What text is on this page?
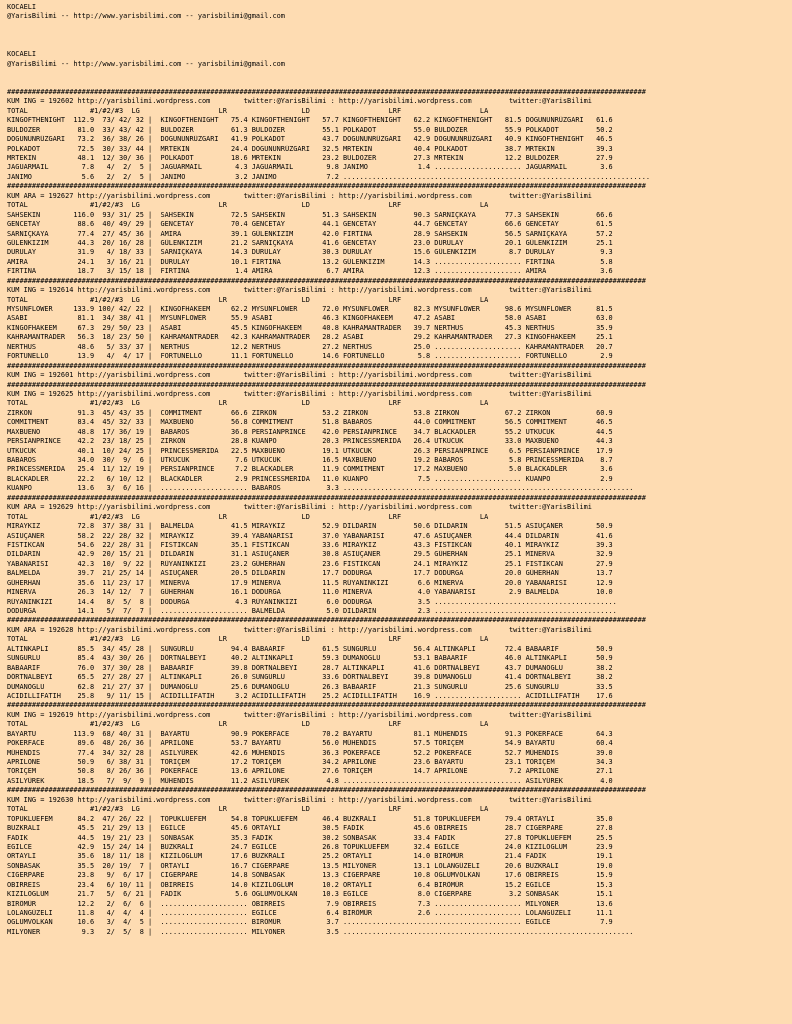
KOCAELI
@YarisBilimi -- http://www.yarisbilimi.com -- yarisbilimi@gmail.com
KOCAELI
@YarisBilimi -- http://www.yarisbilimi.com -- yarisbilimi@gmail.com
##########################################################################################################################################################
KUM ING = 192602 http://yarisbilimi.wordpress.com        twitter:@YarisBilimi : http://yarisbilimi.wordpress.com         twitter:@YarisBilimi
TOTAL               #1/#2/#3  LG                   LR                  LD                   LRF                   LA
KINGOFTHENIGHT  112.9  73/ 42/ 32 |  KINGOFTHENIGHT   75.4 KINGOFTHENIGHT   57.7 KINGOFTHENIGHT   62.2 KINGOFTHENIGHT   81.5 DOGUNUNRÜZGARI   61.6
BULDOZER         81.0  33/ 43/ 42 |  BULDOZER         61.3 BULDOZER         55.1 POLKADOT         55.0 BULDOZER         55.9 POLKADOT         50.2
DOGUNUNRÜZGARI   73.2  36/ 38/ 26 |  DOGUNUNRÜZGARI   41.9 POLKADOT         43.7 DOGUNUNRÜZGARI   42.9 DOGUNUNRÜZGARI   40.9 KINGOFTHENIGHT   46.5
POLKADOT         72.5  30/ 33/ 44 |  MRTEKIN          24.4 DOGUNUNRÜZGARI   32.5 MRTEKIN          40.4 POLKADOT         38.7 MRTEKIN          39.3
MRTEKIN          48.1  12/ 30/ 36 |  POLKADOT         18.6 MRTEKIN          23.2 BULDOZER         27.3 MRTEKIN          12.2 BULDOZER         27.9
JAGUARMAIL        7.8   4/  2/  5 |  JAGUARMAIL        4.3 JAGUARMAIL        9.8 JANIMO            1.4 ..................... JAGUARMAIL        3.6
JANIMO            5.6   2/  2/  5 |  JANIMO            3.2 JANIMO            7.2 ..........................................................................
##########################################################################################################################################################
KUM ARA = 192627 http://yarisbilimi.wordpress.com        twitter:@YarisBilimi : http://yarisbilimi.wordpress.com         twitter:@YarisBilimi
TOTAL               #1/#2/#3  LG                   LR                  LD                   LRF                   LA
SAHSEKIN        116.0  93/ 31/ 25 |  SAHSEKIN         72.5 SAHSEKIN         51.3 SAHSEKIN         90.3 SARNIÇKAYA       77.3 SAHSEKIN         66.6
GENCETAY         88.6  40/ 49/ 29 |  GENCETAY         70.4 GENCETAY         44.1 GENCETAY         44.7 GENCETAY         66.6 GENCETAY         61.5
SARNIÇKAYA       77.4  27/ 45/ 36 |  AMIRA            39.1 GÜLENKIZIM       42.0 FIRTINA          28.9 SAHSEKIN         56.5 SARNIÇKAYA       57.2
GÜLENKIZIM       44.3  20/ 16/ 28 |  GÜLENKIZIM       21.2 SARNIÇKAYA       41.6 GENCETAY         23.0 DURULAY          20.1 GÜLENKIZIM       25.1
DURULAY          31.9   4/ 18/ 33 |  SARNIÇKAYA       14.3 DURULAY          30.3 DURULAY          15.6 GÜLENKIZIM        8.7 DURULAY           9.3
AMIRA            24.1   3/ 16/ 21 |  DURULAY          10.1 FIRTINA          13.2 GÜLENKIZIM       14.3 ..................... FIRTINA           5.8
FIRTINA          18.7   3/ 15/ 18 |  FIRTINA           1.4 AMIRA             6.7 AMIRA            12.3 ..................... AMIRA             3.6
##########################################################################################################################################################
KUM ING = 192614 http://yarisbilimi.wordpress.com        twitter:@YarisBilimi : http://yarisbilimi.wordpress.com         twitter:@YarisBilimi
TOTAL               #1/#2/#3  LG                   LR                  LD                   LRF                   LA
MYSUNFLOWER     133.9 100/ 42/ 22 |  KINGOFHAKEEM     62.2 MYSUNFLOWER      72.0 MYSUNFLOWER      82.3 MYSUNFLOWER      98.6 MYSUNFLOWER      81.5
ASABI            81.1  34/ 38/ 41 |  MYSUNFLOWER      55.9 ASABI            46.3 KINGOFHAKEEM     47.2 ASABI            58.0 ASABI            63.0
KINGOFHAKEEM     67.3  29/ 50/ 23 |  ASABI            45.5 KINGOFHAKEEM     40.8 KAHRAMANTRADER   39.7 NERTHUS          45.3 NERTHUS          35.9
KAHRAMANTRADER   56.3  18/ 23/ 50 |  KAHRAMANTRADER   42.3 KAHRAMANTRADER   28.2 ASABI            29.2 KAHRAMANTRADER   27.3 KINGOFHAKEEM     25.1
NERTHUS          48.6   5/ 33/ 37 |  NERTHUS          12.2 NERTHUS          27.2 NERTHUS          25.0 ..................... KAHRAMANTRADER   20.7
FORTUNELLO       13.9   4/  4/ 17 |  FORTUNELLO       11.1 FORTUNELLO       14.6 FORTUNELLO        5.8 ..................... FORTUNELLO        2.9
##########################################################################################################################################################
KUM ING = 192601 http://yarisbilimi.wordpress.com        twitter:@YarisBilimi : http://yarisbilimi.wordpress.com         twitter:@YarisBilimi
##########################################################################################################################################################
KUM ING = 192625 http://yarisbilimi.wordpress.com        twitter:@YarisBilimi : http://yarisbilimi.wordpress.com         twitter:@YarisBilimi
TOTAL               #1/#2/#3  LG                   LR                  LD                   LRF                   LA
ZIRKON           91.3  45/ 43/ 35 |  COMMITMENT       66.6 ZIRKON           53.2 ZIRKON           53.8 ZIRKON           67.2 ZIRKON           60.9
COMMITMENT       83.4  45/ 32/ 33 |  MAXBUENO         56.8 COMMITMENT       51.8 BABAROS          44.0 COMMITMENT       56.5 COMMITMENT       46.5
MAXBUENO         48.8  17/ 36/ 19 |  BABAROS          36.8 PERSIANPRINCE    42.0 PERSIANPRINCE    34.7 BLACKADLER       55.2 UTKUCUK          44.5
PERSIANPRINCE    42.2  23/ 18/ 25 |  ZIRKON           28.8 KUANPO           20.3 PRINCESSMERIDA   26.4 UTKUCUK          33.0 MAXBUENO         44.3
UTKUCUK          40.1  10/ 24/ 25 |  PRINCESSMERIDA   22.5 MAXBUENO         19.1 UTKUCUK          26.3 PERSIANPRINCE     6.5 PERSIANPRINCE    17.9
BABAROS          34.0  30/  9/  6 |  UTKUCUK           7.6 UTKUCUK          16.5 MAXBUENO         19.2 BABAROS           5.8 PRINCESSMERIDA    8.7
PRINCESSMERIDA   25.4  11/ 12/ 19 |  PERSIANPRINCE     7.2 BLACKADLER       11.9 COMMITMENT       17.2 MAXBUENO          5.0 BLACKADLER        3.6
BLACKADLER       22.2   6/ 10/ 12 |  BLACKADLER        2.9 PRINCESSMERIDA   11.0 KUANPO            7.5 ..................... KUANPO            2.9
KUANPO           13.6   3/  6/ 16 |  ..................... BABAROS           3.3 ......................................................................
##########################################################################################################################################################
KUM ARA = 192629 http://yarisbilimi.wordpress.com        twitter:@YarisBilimi : http://yarisbilimi.wordpress.com         twitter:@YarisBilimi
TOTAL               #1/#2/#3  LG                   LR                  LD                   LRF                   LA
MIRAYKIZ         72.8  37/ 38/ 31 |  BALMELDA         41.5 MIRAYKIZ         52.9 DILDARIN         50.6 DILDARIN         51.5 ASIUÇANER        50.9
ASIUÇANER        58.2  22/ 28/ 32 |  MIRAYKIZ         39.4 YABANARISI       37.0 YABANARISI       47.6 ASIUÇANER        44.4 DILDARIN         41.6
FISTIKCAN        54.6  22/ 28/ 31 |  FISTIKCAN        35.1 FISTIKCAN        33.6 MIRAYKIZ         43.3 FISTIKCAN        40.1 MIRAYKIZ         39.3
DILDARIN         42.9  20/ 15/ 21 |  DILDARIN         31.1 ASIUÇANER        30.8 ASIUÇANER        29.5 GÜHERHAN         25.1 MINERVA          32.9
YABANARISI       42.3  10/  9/ 22 |  RÜYANINKIZI      23.2 GÜHERHAN         23.6 FISTIKCAN        24.1 MIRAYKIZ         25.1 FISTIKCAN        27.9
BALMELDA         39.7  21/ 25/ 14 |  ASIUÇANER        20.5 DILDARIN         17.7 DODURGA          17.7 DODURGA          20.0 GÜHERHAN         13.7
GÜHERHAN         35.6  11/ 23/ 17 |  MINERVA          17.9 MINERVA          11.5 RÜYANINKIZI       6.6 MINERVA          20.0 YABANARISI       12.9
MINERVA          26.3  14/ 12/  7 |  GÜHERHAN         16.1 DODURGA          11.0 MINERVA           4.0 YABANARISI        2.9 BALMELDA         10.0
RÜYANINKIZI      14.4   8/  5/  8 |  DODURGA           4.3 RÜYANINKIZI       6.0 DODURGA           3.5 ............................................
DODURGA          14.1   5/  7/  7 |  ..................... BALMELDA          5.0 DILDARIN          2.3 ............................................
##########################################################################################################################################################
KUM ARA = 192628 http://yarisbilimi.wordpress.com        twitter:@YarisBilimi : http://yarisbilimi.wordpress.com         twitter:@YarisBilimi
TOTAL               #1/#2/#3  LG                   LR                  LD                   LRF                   LA
ALTINKAPLI       85.5  34/ 45/ 28 |  SUNGURLU         94.4 BABAARIF         61.5 SUNGURLU         56.4 ALTINKAPLI       72.4 BABAARIF         50.9
SUNGURLU         85.4  43/ 30/ 26 |  DÖRTNALBEYI      40.2 ALTINKAPLI       59.3 DUMANOGLU        53.1 BABAARIF         46.0 ALTINKAPLI       50.9
BABAARIF         76.0  37/ 30/ 28 |  BABAARIF         39.8 DÖRTNALBEYI      28.7 ALTINKAPLI       41.6 DÖRTNALBEYI      43.7 DUMANOGLU        38.2
DÖRTNALBEYI      65.5  27/ 28/ 27 |  ALTINKAPLI       26.0 SUNGURLU         33.6 DÖRTNALBEYI      39.8 DUMANOGLU        41.4 DÖRTNALBEYI      38.2
DUMANOGLU        62.8  21/ 27/ 37 |  DUMANOGLU        25.6 DUMANOGLU        26.3 BABAARIF         21.3 SUNGURLU         25.6 SUNGURLU         33.5
ACIDILLIFATIH    25.8   9/ 11/ 15 |  ACIDILLIFATIH     3.2 ACIDILLIFATIH    25.2 ACIDILLIFATIH    16.9 ..................... ACIDILLIFATIH    17.6
##########################################################################################################################################################
KUM ING = 192619 http://yarisbilimi.wordpress.com        twitter:@YarisBilimi : http://yarisbilimi.wordpress.com         twitter:@YarisBilimi
TOTAL               #1/#2/#3  LG                   LR                  LD                   LRF                   LA
BAYARTU         113.9  68/ 40/ 31 |  BAYARTU          90.9 POKERFACE        70.2 BAYARTU          81.1 MÜHENDIS         91.3 POKERFACE        64.3
POKERFACE        89.6  48/ 26/ 36 |  APRILONE         53.7 BAYARTU          56.0 MÜHENDIS         57.5 TORIÇEM          54.9 BAYARTU          60.4
MÜHENDIS         77.4  34/ 32/ 28 |  ASILYÜREK        42.6 MÜHENDIS         36.3 POKERFACE        52.2 POKERFACE        52.7 MÜHENDIS         39.0
APRILONE         50.9   6/ 38/ 31 |  TORIÇEM          17.2 TORIÇEM          34.2 APRILONE         23.6 BAYARTU          23.1 TORIÇEM          34.3
TORIÇEM          50.8   8/ 26/ 36 |  POKERFACE        13.6 APRILONE         27.6 TORIÇEM          14.7 APRILONE          7.2 APRILONE         27.1
ASILYÜREK        18.5   7/  9/  9 |  MÜHENDIS         11.2 ASILYÜREK         4.8 ........................................... ASILYÜREK         4.0
##########################################################################################################################################################
KUM ING = 192630 http://yarisbilimi.wordpress.com        twitter:@YarisBilimi : http://yarisbilimi.wordpress.com         twitter:@YarisBilimi
TOTAL               #1/#2/#3  LG                   LR                  LD                   LRF                   LA
TOPUKLUEFEM      84.2  47/ 26/ 22 |  TOPUKLUEFEM      54.8 TOPUKLUEFEM      46.4 BUZKRALI         51.8 TOPUKLUEFEM      79.4 ORTAYLI          35.0
BUZKRALI         45.5  21/ 29/ 13 |  EGILCE           45.6 ORTAYLI          30.5 FADIK            45.6 OBIRREIS         28.7 CIGERPARE        27.8
FADIK            44.5  19/ 21/ 23 |  SONBASAK         35.3 FADIK            30.2 SONBASAK         33.4 FADIK            27.8 TOPUKLUEFEM      25.5
EGILCE           42.9  15/ 24/ 14 |  BUZKRALI         24.7 EGILCE           26.8 TOPUKLUEFEM      32.4 EGILCE           24.0 KIZILOGLUM       23.9
ORTAYLI          35.6  18/ 11/ 18 |  KIZILOGLUM       17.6 BUZKRALI         25.2 ORTAYLI          14.0 BIRÖMÜR          21.4 FADIK            19.1
SONBASAK         35.5  20/ 19/  7 |  ORTAYLI          16.7 CIGERPARE        13.5 MILYONER         13.1 LOLANGÜZELI      20.6 BUZKRALI         19.0
CIGERPARE        23.8   9/  6/ 17 |  CIGERPARE        14.8 SONBASAK         13.3 CIGERPARE        10.8 OGLUMVOLKAN      17.6 OBIRREIS         15.9
OBIRREIS         23.4   6/ 10/ 11 |  OBIRREIS         14.0 KIZILOGLUM       10.2 ORTAYLI           6.4 BIRÖMÜR          15.2 EGILCE           15.3
KIZILOGLUM       21.7   5/  6/ 21 |  FADIK             5.6 OGLUMVOLKAN      10.3 EGILCE            8.0 CIGERPARE         3.2 SONBASAK         15.1
BIRÖMÜR          12.2   2/  6/  6 |  ..................... OBIRREIS          7.9 OBIRREIS          7.3 ..................... MILYONER         13.6
LOLANGÜZELI      11.8   4/  4/  4 |  ..................... EGILCE            6.4 BIRÖMÜR           2.6 ..................... LOLANGÜZELI      11.1
OGLUMVOLKAN      10.6   3/  4/  5 |  ..................... BIRÖMÜR           3.7 ........................................... EGILCE            7.9
MILYONER          9.3   2/  5/  8 |  ..................... MILYONER          3.5 ......................................................................
